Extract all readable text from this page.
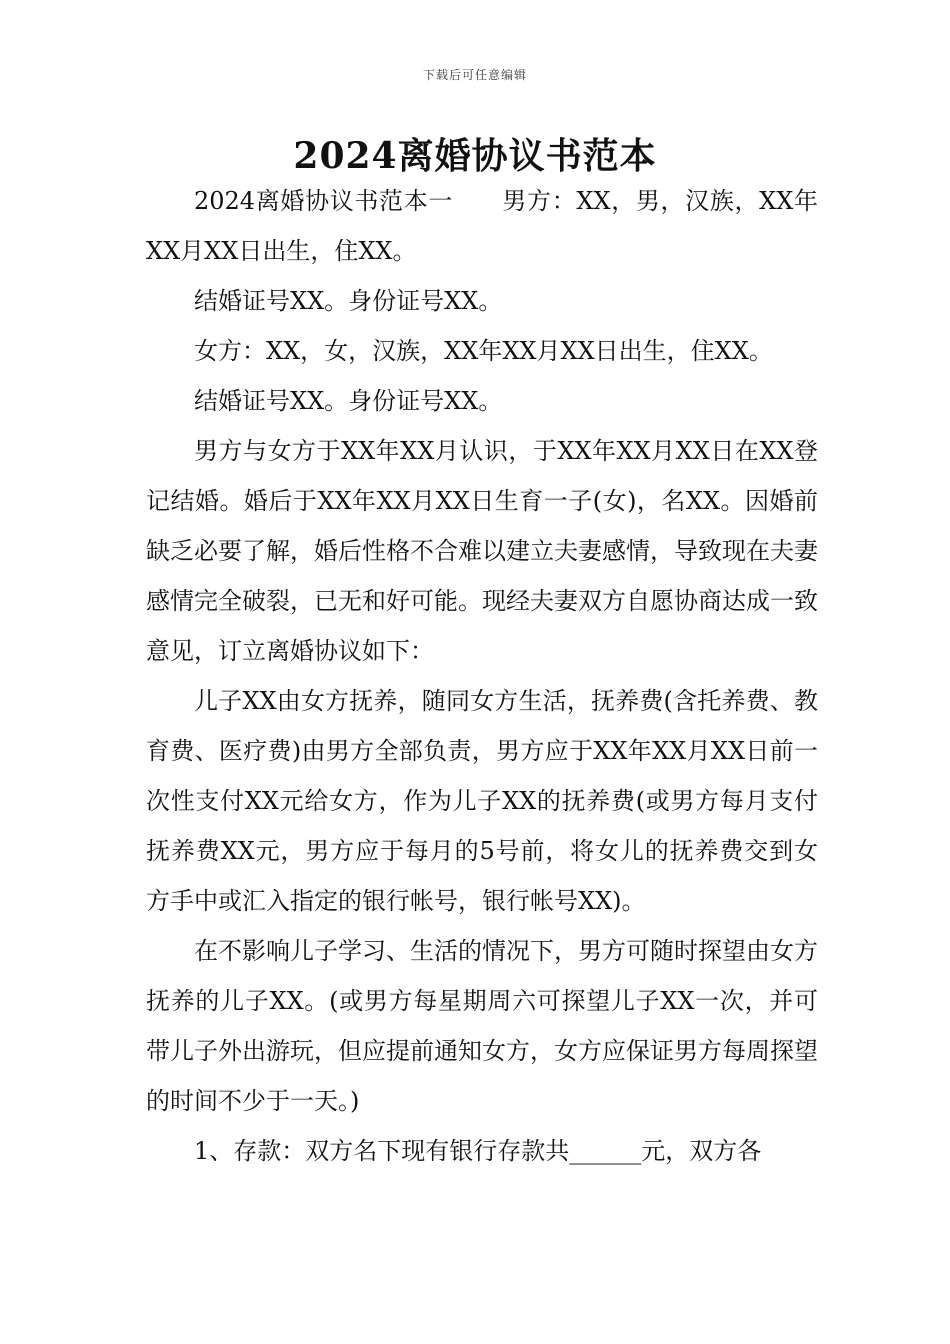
下载后可任意编辑
2024离婚协议书范本

2024离婚协议书范本一　　男方：XX，男，汉族，XX年XX月XX日出生，住XX。

结婚证号XX。身份证号XX。

女方：XX，女，汉族，XX年XX月XX日出生，住XX。

结婚证号XX。身份证号XX。

男方与女方于XX年XX月认识，于XX年XX月XX日在XX登记结婚。婚后于XX年XX月XX日生育一子(女)，名XX。因婚前缺乏必要了解，婚后性格不合难以建立夫妻感情，导致现在夫妻感情完全破裂，已无和好可能。现经夫妻双方自愿协商达成一致意见，订立离婚协议如下：

儿子XX由女方抚养，随同女方生活，抚养费(含托养费、教育费、医疗费)由男方全部负责，男方应于XX年XX月XX日前一次性支付XX元给女方，作为儿子XX的抚养费(或男方每月支付抚养费XX元，男方应于每月的5号前，将女儿的抚养费交到女方手中或汇入指定的银行帐号，银行帐号XX)。

在不影响儿子学习、生活的情况下，男方可随时探望由女方抚养的儿子XX。(或男方每星期周六可探望儿子XX一次，并可带儿子外出游玩，但应提前通知女方，女方应保证男方每周探望的时间不少于一天。)

1、存款：双方名下现有银行存款共______元，双方各
